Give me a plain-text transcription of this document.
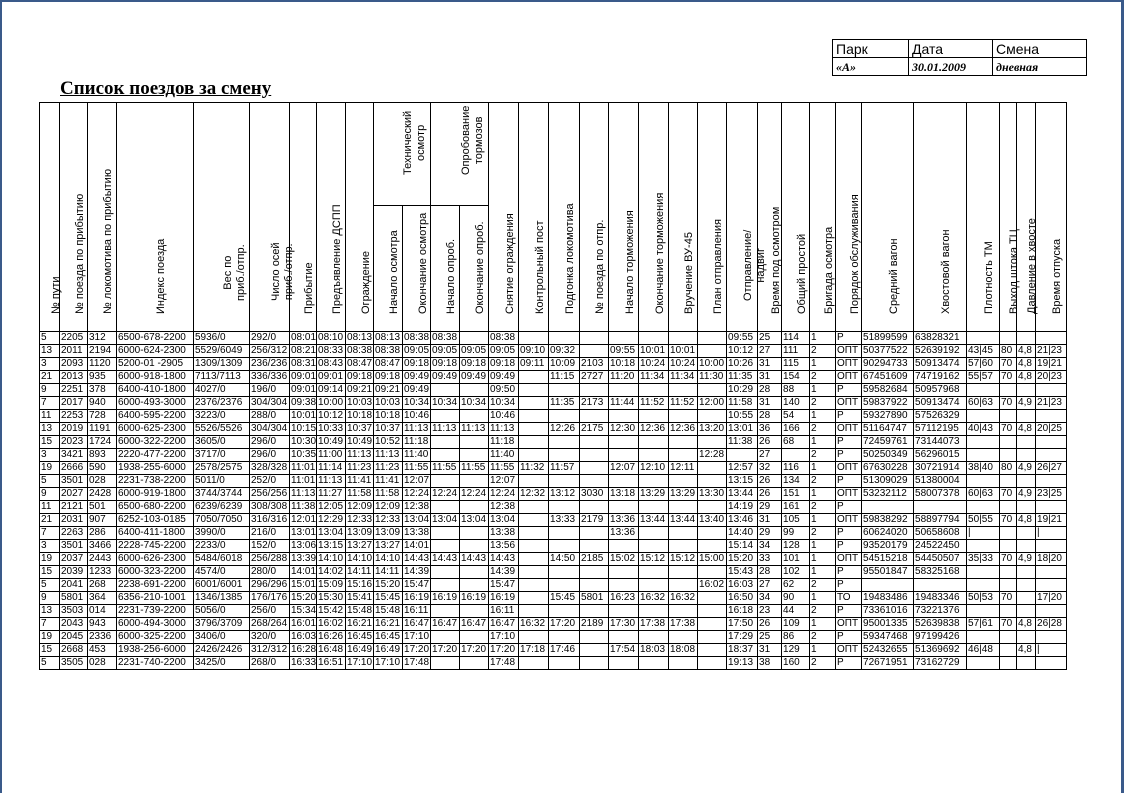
Парк	Дата	Смена
«А»	30.01.2009	дневная
Список поездов за смену
№ пути	№ поезда по прибытию	№ локомотива по прибытию	Индекс поезда	Вес по
приб./отпр.	Число осей
приб./отпр.	Прибытие	Предъявление ДСПП	Ограждение	Технический
осмотр		Опробование
тормозов		Снятие ограждения	Контрольный пост	Подгонка локомотива	№ поезда по отпр.	Начало торможения	Окончание торможения	Вручение ВУ-45	План отправления	Отправление/
надвиг	Время под осмотром	Общий простой	Бригада осмотра	Порядок обслуживания	Средний вагон	Хвостовой вагон	Плотность ТМ	Выход штока ТЦ	Давление в хвосте	Время отпуска

									Начало осмотра	Окончание осмотра	Начало опроб.	Окончание опроб.																			

5	2205	312	6500-678-2200	5936/0	292/0	08:01	08:10	08:13	08:13	08:38	08:38		08:38								09:55	25	114	1	Р	51899599	63828321				
13	2011	2194	6000-624-2300	5529/6049	256/312	08:21	08:33	08:38	08:38	09:05	09:05	09:05	09:05	09:10	09:32		09:55	10:01	10:01		10:12	27	111	2	ОПТ	50377522	52639192	43|45	80	4,8	21|23
3	2093	1120	5200-01 -2905	1309/1309	236/236	08:31	08:43	08:47	08:47	09:18	09:18	09:18	09:18	09:11	10:09	2103	10:18	10:24	10:24	10:00	10:26	31	115	1	ОПТ	90294733	50913474	57|60	70	4,8	19|21
21	2013	935	6000-918-1800	7113/7113	336/336	09:01	09:01	09:18	09:18	09:49	09:49	09:49	09:49		11:15	2727	11:20	11:34	11:34	11:30	11:35	31	154	2	ОПТ	67451609	74719162	55|57	70	4,8	20|23
9	2251	378	6400-410-1800	4027/0	196/0	09:01	09:14	09:21	09:21	09:49			09:50								10:29	28	88	1	Р	59582684	50957968				
7	2017	940	6000-493-3000	2376/2376	304/304	09:38	10:00	10:03	10:03	10:34	10:34	10:34	10:34		11:35	2173	11:44	11:52	11:52	12:00	11:58	31	140	2	ОПТ	59837922	50913474	60|63	70	4,9	21|23
11	2253	728	6400-595-2200	3223/0	288/0	10:01	10:12	10:18	10:18	10:46			10:46								10:55	28	54	1	Р	59327890	57526329				
13	2019	1191	6000-625-2300	5526/5526	304/304	10:15	10:33	10:37	10:37	11:13	11:13	11:13	11:13		12:26	2175	12:30	12:36	12:36	13:20	13:01	36	166	2	ОПТ	51164747	57112195	40|43	70	4,8	20|25
15	2023	1724	6000-322-2200	3605/0	296/0	10:30	10:49	10:49	10:52	11:18			11:18								11:38	26	68	1	Р	72459761	73144073				
3	3421	893	2220-477-2200	3717/0	296/0	10:35	11:00	11:13	11:13	11:40			11:40							12:28		27		2	Р	50250349	56296015				
19	2666	590	1938-255-6000	2578/2575	328/328	11:01	11:14	11:23	11:23	11:55	11:55	11:55	11:55	11:32	11:57		12:07	12:10	12:11		12:57	32	116	1	ОПТ	67630228	30721914	38|40	80	4,9	26|27
5	3501	028	2231-738-2200	5011/0	252/0	11:01	11:13	11:41	11:41	12:07			12:07								13:15	26	134	2	Р	51309029	51380004				
9	2027	2428	6000-919-1800	3744/3744	256/256	11:13	11:27	11:58	11:58	12:24	12:24	12:24	12:24	12:32	13:12	3030	13:18	13:29	13:29	13:30	13:44	26	151	1	ОПТ	53232112	58007378	60|63	70	4,9	23|25
11	2121	501	6500-680-2200	6239/6239	308/308	11:38	12:05	12:09	12:09	12:38			12:38								14:19	29	161	2	Р						
21	2031	907	6252-103-0185	7050/7050	316/316	12:01	12:29	12:33	12:33	13:04	13:04	13:04	13:04		13:33	2179	13:36	13:44	13:44	13:40	13:46	31	105	1	ОПТ	59838292	58897794	50|55	70	4,8	19|21
7	2263	286	6400-411-1800	3990/0	216/0	13:01	13:04	13:09	13:09	13:38			13:38				13:36				14:40	29	99	2	Р	60624020	50658608	|			|
3	3501	3466	2228-745-2200	2233/0	152/0	13:06	13:15	13:27	13:27	14:01			13:56								15:14	34	128	1	Р	93520179	24522450				
19	2037	2443	6000-626-2300	5484/6018	256/288	13:39	14:10	14:10	14:10	14:43	14:43	14:43	14:43		14:50	2185	15:02	15:12	15:12	15:00	15:20	33	101	1	ОПТ	54515218	54450507	35|33	70	4,9	18|20
15	2039	1233	6000-323-2200	4574/0	280/0	14:01	14:02	14:11	14:11	14:39			14:39								15:43	28	102	1	Р	95501847	58325168				
5	2041	268	2238-691-2200	6001/6001	296/296	15:01	15:09	15:16	15:20	15:47			15:47							16:02	16:03	27	62	2	Р						
9	5801	364	6356-210-1001	1346/1385	176/176	15:20	15:30	15:41	15:45	16:19	16:19	16:19	16:19		15:45	5801	16:23	16:32	16:32		16:50	34	90	1	ТО	19483486	19483346	50|53	70		17|20
13	3503	014	2231-739-2200	5056/0	256/0	15:34	15:42	15:48	15:48	16:11			16:11								16:18	23	44	2	Р	73361016	73221376				
7	2043	943	6000-494-3000	3796/3709	268/264	16:01	16:02	16:21	16:21	16:47	16:47	16:47	16:47	16:32	17:20	2189	17:30	17:38	17:38		17:50	26	109	1	ОПТ	95001335	52639838	57|61	70	4,8	26|28
19	2045	2336	6000-325-2200	3406/0	320/0	16:03	16:26	16:45	16:45	17:10			17:10								17:29	25	86	2	Р	59347468	97199426				
15	2668	453	1938-256-6000	2426/2426	312/312	16:28	16:48	16:49	16:49	17:20	17:20	17:20	17:20	17:18	17:46		17:54	18:03	18:08		18:37	31	129	1	ОПТ	52432655	51369692	46|48		4,8	|
5	3505	028	2231-740-2200	3425/0	268/0	16:33	16:51	17:10	17:10	17:48			17:48								19:13	38	160	2	Р	72671951	73162729				
